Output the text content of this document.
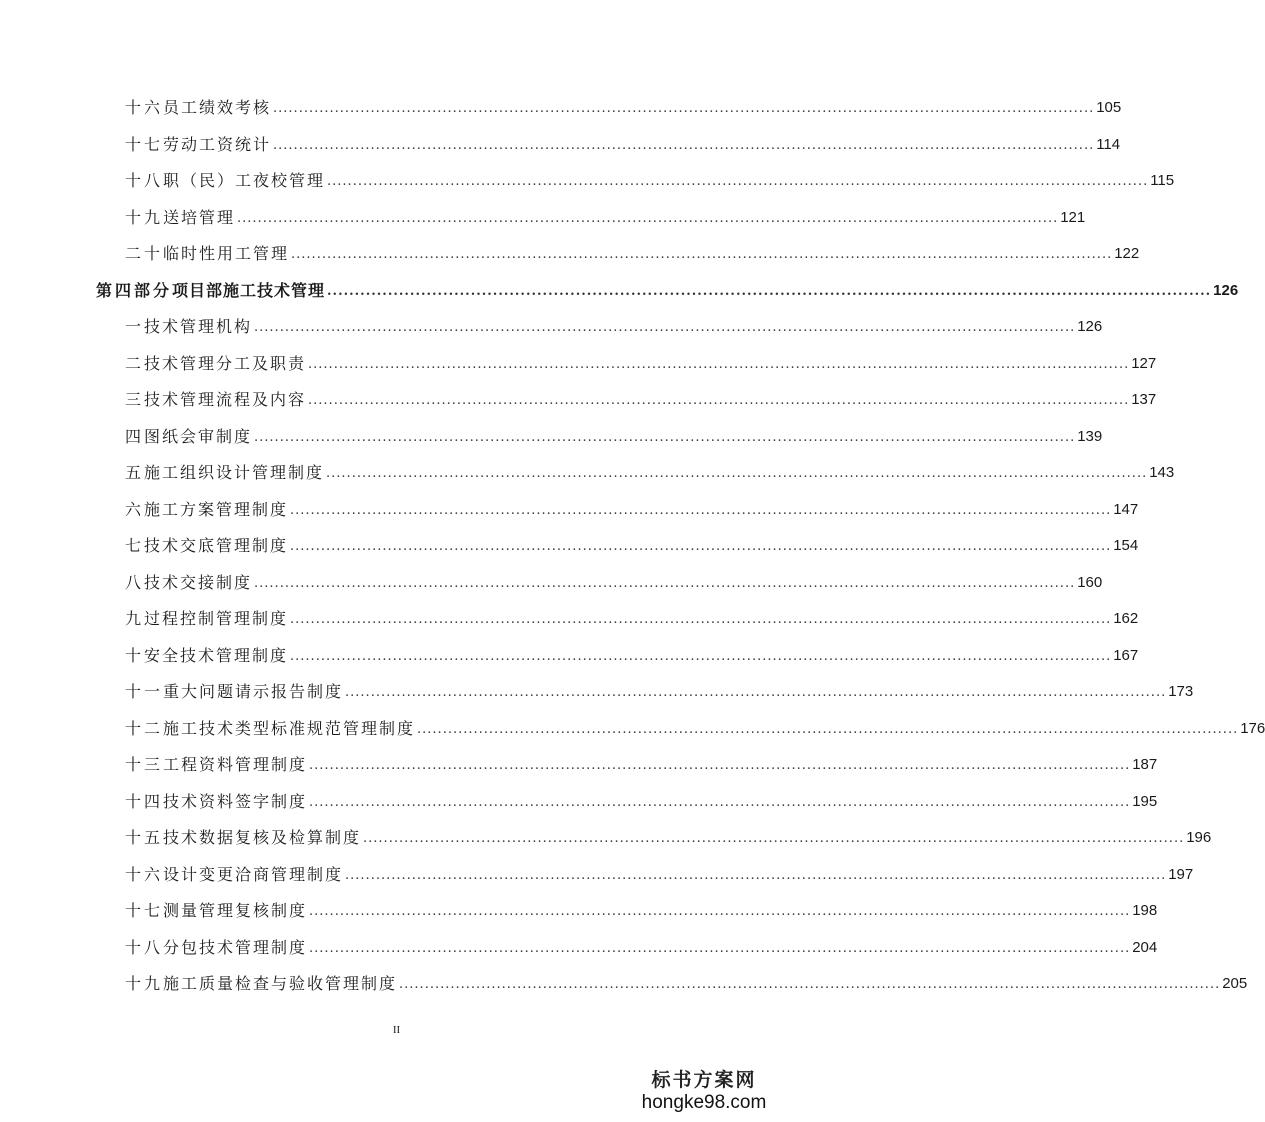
十六 员工绩效考核 ................................................................................................................................................................ 105
十七 劳动工资统计 ................................................................................................................................................................ 114
十八 职（民）工夜校管理 ................................................................................................................................................................ 115
十九 送培管理 ................................................................................................................................................................ 121
二十 临时性用工管理 ................................................................................................................................................................ 122
第四部分 项目部施工技术管理 ................................................................................................................................................................ 126
一 技术管理机构 ................................................................................................................................................................ 126
二 技术管理分工及职责 ................................................................................................................................................................ 127
三 技术管理流程及内容 ................................................................................................................................................................ 137
四 图纸会审制度 ................................................................................................................................................................ 139
五 施工组织设计管理制度 ................................................................................................................................................................ 143
六 施工方案管理制度 ................................................................................................................................................................ 147
七 技术交底管理制度 ................................................................................................................................................................ 154
八 技术交接制度 ................................................................................................................................................................ 160
九 过程控制管理制度 ................................................................................................................................................................ 162
十 安全技术管理制度 ................................................................................................................................................................ 167
十一 重大问题请示报告制度 ................................................................................................................................................................ 173
十二 施工技术类型标准规范管理制度 ................................................................................................................................................................ 176
十三 工程资料管理制度 ................................................................................................................................................................ 187
十四 技术资料签字制度 ................................................................................................................................................................ 195
十五 技术数据复核及检算制度 ................................................................................................................................................................ 196
十六 设计变更洽商管理制度 ................................................................................................................................................................ 197
十七 测量管理复核制度 ................................................................................................................................................................ 198
十八 分包技术管理制度 ................................................................................................................................................................ 204
十九 施工质量检查与验收管理制度 ................................................................................................................................................................ 205
II
标书方案网
hongke98.com
